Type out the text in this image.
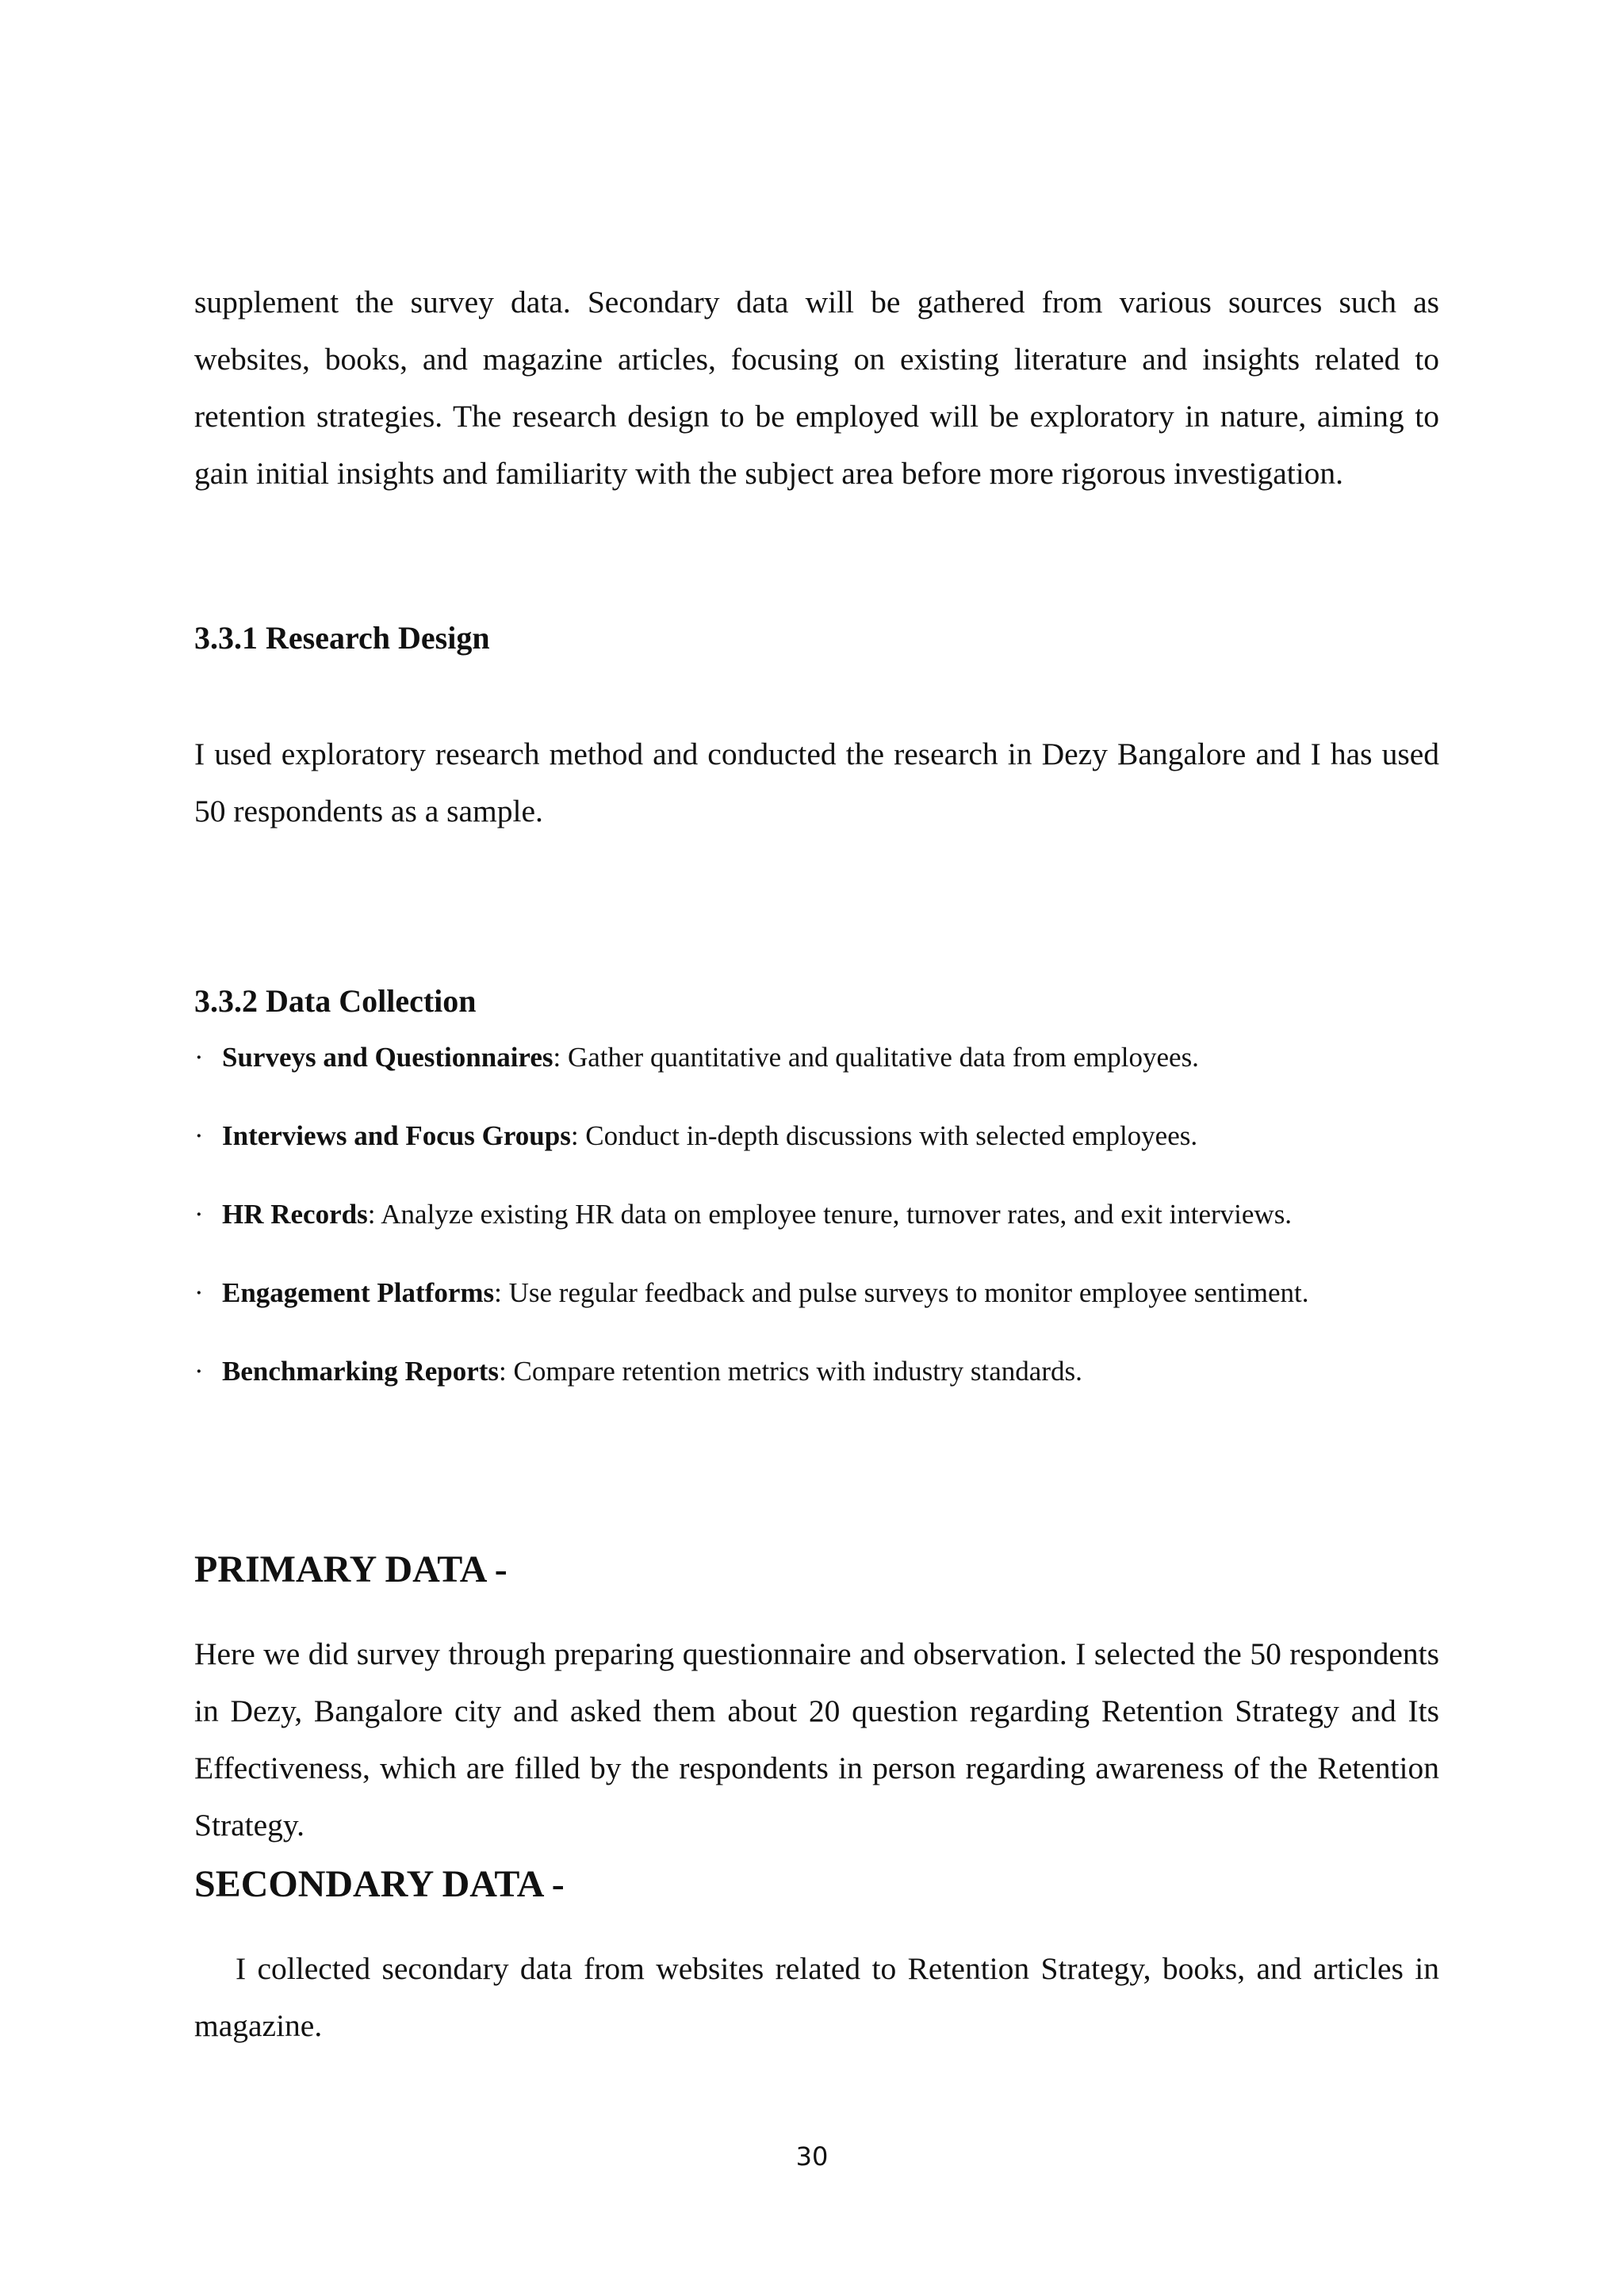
supplement the survey data. Secondary data will be gathered from various sources such as websites, books, and magazine articles, focusing on existing literature and insights related to retention strategies. The research design to be employed will be exploratory in nature, aiming to gain initial insights and familiarity with the subject area before more rigorous investigation.

3.3.1 Research Design

I used exploratory research method and conducted the research in Dezy Bangalore and I has used 50 respondents as a sample.

3.3.2 Data Collection
· Surveys and Questionnaires: Gather quantitative and qualitative data from employees.
· Interviews and Focus Groups: Conduct in-depth discussions with selected employees.
· HR Records: Analyze existing HR data on employee tenure, turnover rates, and exit interviews.
· Engagement Platforms: Use regular feedback and pulse surveys to monitor employee sentiment.
· Benchmarking Reports: Compare retention metrics with industry standards.
PRIMARY DATA -

Here we did survey through preparing questionnaire and observation. I selected the 50 respondents in Dezy, Bangalore city and asked them about 20 question regarding Retention Strategy and Its Effectiveness, which are filled by the respondents in person regarding awareness of the Retention Strategy.

SECONDARY DATA -

I collected secondary data from websites related to Retention Strategy, books, and articles in magazine.

30
